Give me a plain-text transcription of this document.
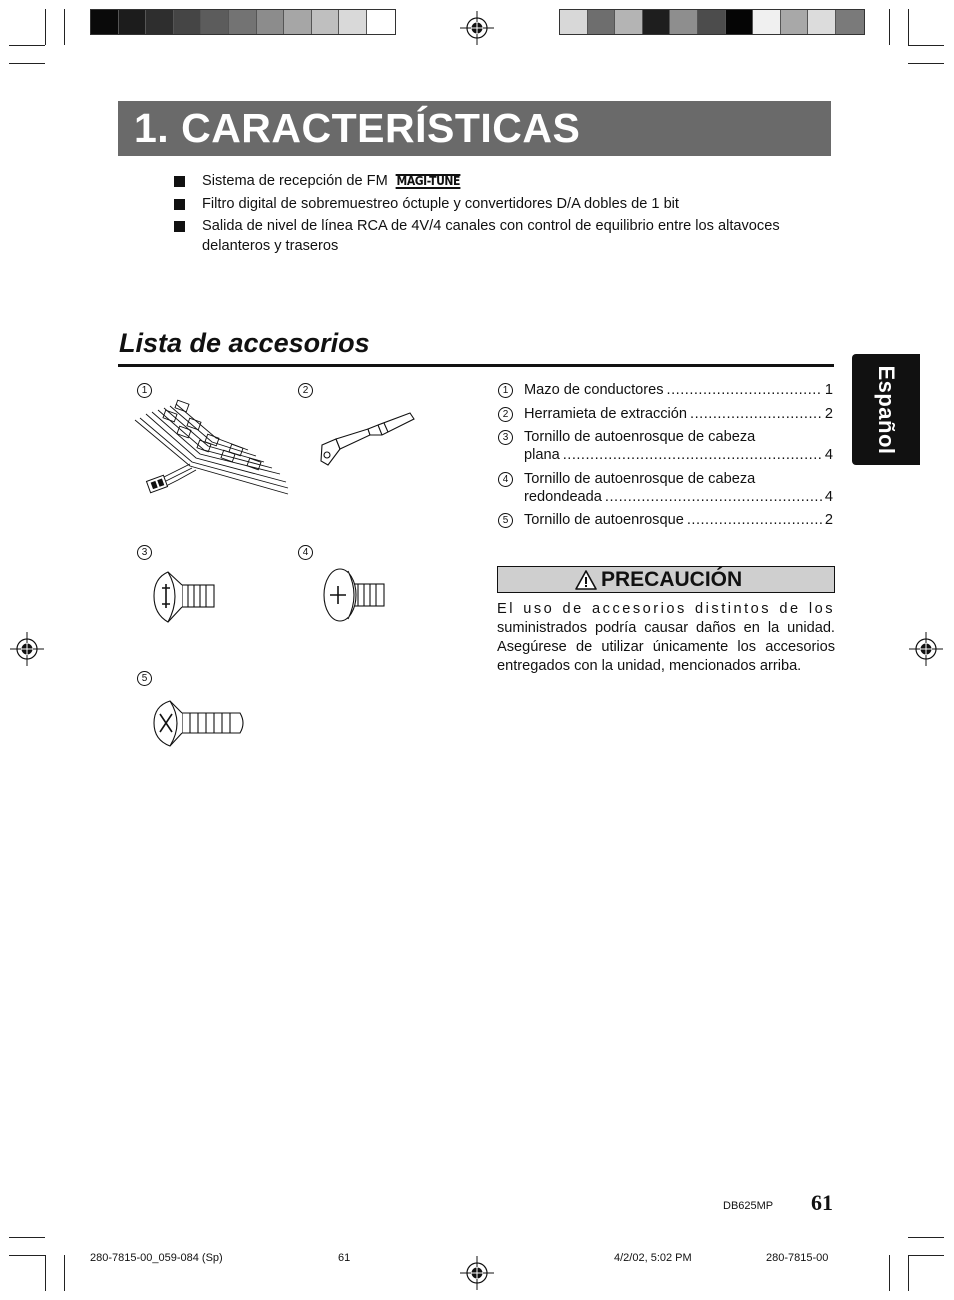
1. CARACTERÍSTICAS
Sistema de recepción de FM MAGI-TUNE
Filtro digital de sobremuestreo óctuple y convertidores D/A dobles de 1 bit
Salida de nivel de línea RCA de 4V/4 canales con control de equilibrio entre los altavoces delanteros y traseros
Lista de accesorios
1	2
3	4
5
1	Mazo de conductores .....	1
2	Herramieta de extracción .....	2
3	Tornillo de autoenrosque de cabeza
plana .....	4
4	Tornillo de autoenrosque de cabeza
redondeada .....	4
5	Tornillo de autoenrosque .....	2
PRECAUCIÓN
El uso de accesorios distintos de los
suministrados podría causar daños en la unidad. Asegúrese de utilizar únicamente los accesorios entregados con la unidad, mencionados arriba.
Español
DB625MP 61
280-7815-00_059-084 (Sp)	61	4/2/02, 5:02 PM	280-7815-00
